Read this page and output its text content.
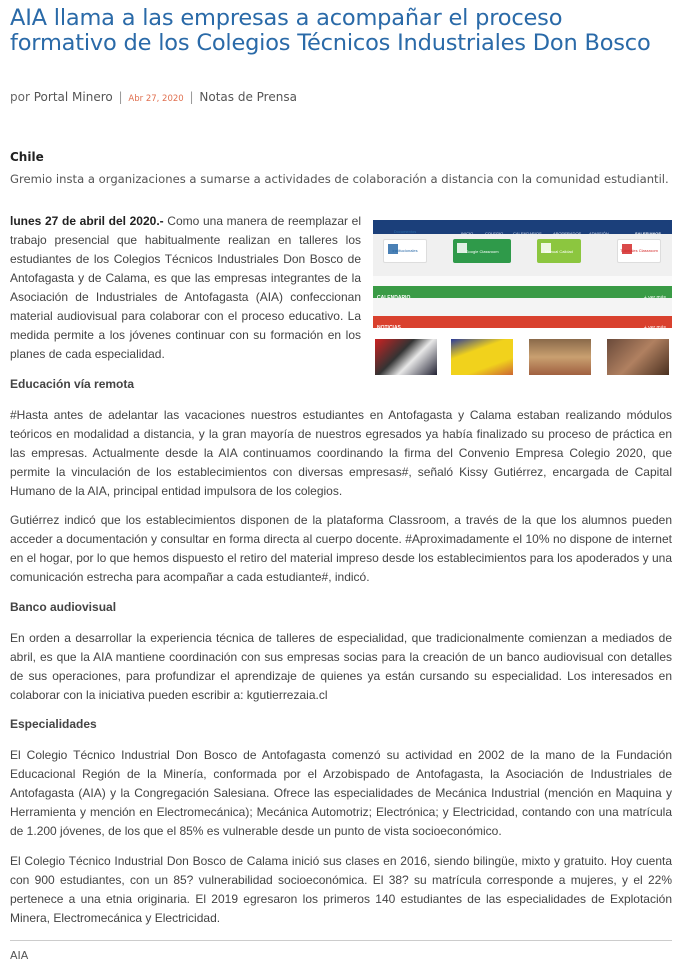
AIA llama a las empresas a acompañar el proceso formativo de los Colegios Técnicos Industriales Don Bosco
por Portal Minero | Abr 27, 2020 | Notas de Prensa
Chile
Gremio insta a organizaciones a sumarse a actividades de colaboración a distancia con la comunidad estudiantil.
Documentos institucionales	Google Classroom	Manual Calidad	Tutoriales Classroom
NOTICIAS	+ ver más

lunes 27 de abril del 2020.- Como una manera de reemplazar el trabajo presencial que habitualmente realizan en talleres los estudiantes de los Colegios Técnicos Industriales Don Bosco de Antofagasta y de Calama, es que las empresas integrantes de la Asociación de Industriales de Antofagasta (AIA) confeccionan material audiovisual para colaborar con el proceso educativo. La medida permite a los jóvenes continuar con su formación en los planes de cada especialidad.

Educación vía remota

#Hasta antes de adelantar las vacaciones nuestros estudiantes en Antofagasta y Calama estaban realizando módulos teóricos en modalidad a distancia, y la gran mayoría de nuestros egresados ya había finalizado su proceso de práctica en las empresas. Actualmente desde la AIA continuamos coordinando la firma del Convenio Empresa Colegio 2020, que permite la vinculación de los establecimientos con diversas empresas#, señaló Kissy Gutiérrez, encargada de Capital Humano de la AIA, principal entidad impulsora de los colegios.

Gutiérrez indicó que los establecimientos disponen de la plataforma Classroom, a través de la que los alumnos pueden acceder a documentación y consultar en forma directa al cuerpo docente. #Aproximadamente el 10% no dispone de internet en el hogar, por lo que hemos dispuesto el retiro del material impreso desde los establecimientos para los apoderados y una comunicación estrecha para acompañar a cada estudiante#, indicó.

Banco audiovisual

En orden a desarrollar la experiencia técnica de talleres de especialidad, que tradicionalmente comienzan a mediados de abril, es que la AIA mantiene coordinación con sus empresas socias para la creación de un banco audiovisual con detalles de sus operaciones, para profundizar el aprendizaje de quienes ya están cursando su especialidad. Los interesados en colaborar con la iniciativa pueden escribir a: kgutierrezaia.cl

Especialidades

El Colegio Técnico Industrial Don Bosco de Antofagasta comenzó su actividad en 2002 de la mano de la Fundación Educacional Región de la Minería, conformada por el Arzobispado de Antofagasta, la Asociación de Industriales de Antofagasta (AIA) y la Congregación Salesiana. Ofrece las especialidades de Mecánica Industrial (mención en Maquina y Herramienta y mención en Electromecánica); Mecánica Automotriz; Electrónica; y Electricidad, contando con una matrícula de 1.200 jóvenes, de los que el 85% es vulnerable desde un punto de vista socioeconómico.

El Colegio Técnico Industrial Don Bosco de Calama inició sus clases en 2016, siendo bilingüe, mixto y gratuito. Hoy cuenta con 900 estudiantes, con un 85? vulnerabilidad socioeconómica. El 38? su matrícula corresponde a mujeres, y el 22% pertenece a una etnia originaria. El 2019 egresaron los primeros 140 estudiantes de las especialidades de Explotación Minera, Electromecánica y Electricidad.

AIA
